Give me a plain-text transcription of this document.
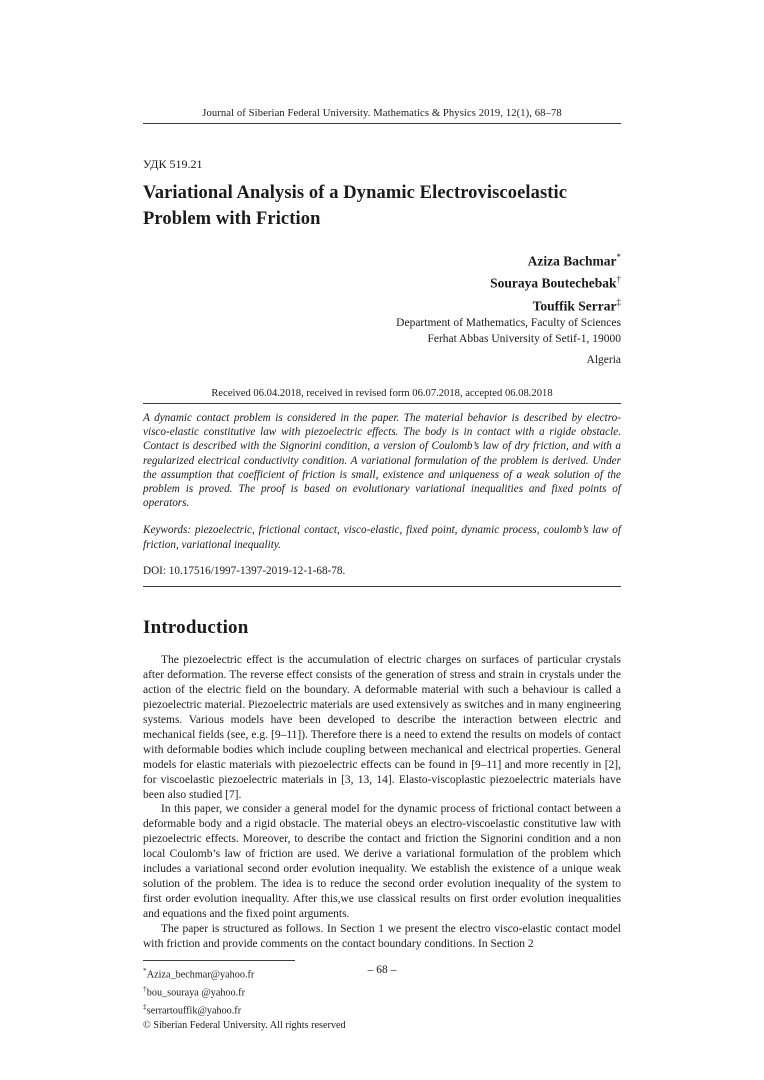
Journal of Siberian Federal University. Mathematics & Physics 2019, 12(1), 68–78
УДК 519.21
Variational Analysis of a Dynamic Electroviscoelastic Problem with Friction
Aziza Bachmar*
Souraya Boutechebak†
Touffik Serrar‡
Department of Mathematics, Faculty of Sciences
Ferhat Abbas University of Setif-1, 19000
Algeria
Received 06.04.2018, received in revised form 06.07.2018, accepted 06.08.2018

A dynamic contact problem is considered in the paper. The material behavior is described by electro-visco-elastic constitutive law with piezoelectric effects. The body is in contact with a rigide obstacle. Contact is described with the Signorini condition, a version of Coulomb’s law of dry friction, and with a regularized electrical conductivity condition. A variational formulation of the problem is derived. Under the assumption that coefficient of friction is small, existence and uniqueness of a weak solution of the problem is proved. The proof is based on evolutionary variational inequalities and fixed points of operators.

Keywords: piezoelectric, frictional contact, visco-elastic, fixed point, dynamic process, coulomb’s law of friction, variational inequality.

DOI: 10.17516/1997-1397-2019-12-1-68-78.
Introduction

The piezoelectric effect is the accumulation of electric charges on surfaces of particular crystals after deformation. The reverse effect consists of the generation of stress and strain in crystals under the action of the electric field on the boundary. A deformable material with such a behaviour is called a piezoelectric material. Piezoelectric materials are used extensively as switches and in many engineering systems. Various models have been developed to describe the interaction between electric and mechanical fields (see, e.g. [9–11]). Therefore there is a need to extend the results on models of contact with deformable bodies which include coupling between mechanical and electrical properties. General models for elastic materials with piezoelectric effects can be found in [9–11] and more recently in [2], for viscoelastic piezoelectric materials in [3, 13, 14]. Elasto-viscoplastic piezoelectric materials have been also studied [7].

In this paper, we consider a general model for the dynamic process of frictional contact between a deformable body and a rigid obstacle. The material obeys an electro-viscoelastic constitutive law with piezoelectric effects. Moreover, to describe the contact and friction the Signorini condition and a non local Coulomb’s law of friction are used. We derive a variational formulation of the problem which includes a variational second order evolution inequality. We establish the existence of a unique weak solution of the problem. The idea is to reduce the second order evolution inequality of the system to first order evolution inequality. After this,we use classical results on first order evolution inequalities and equations and the fixed point arguments.

The paper is structured as follows. In Section 1 we present the electro visco-elastic contact model with friction and provide comments on the contact boundary conditions. In Section 2

*Aziza_bechmar@yahoo.fr
†bou_souraya @yahoo.fr
‡serrartouffik@yahoo.fr
© Siberian Federal University. All rights reserved
– 68 –
